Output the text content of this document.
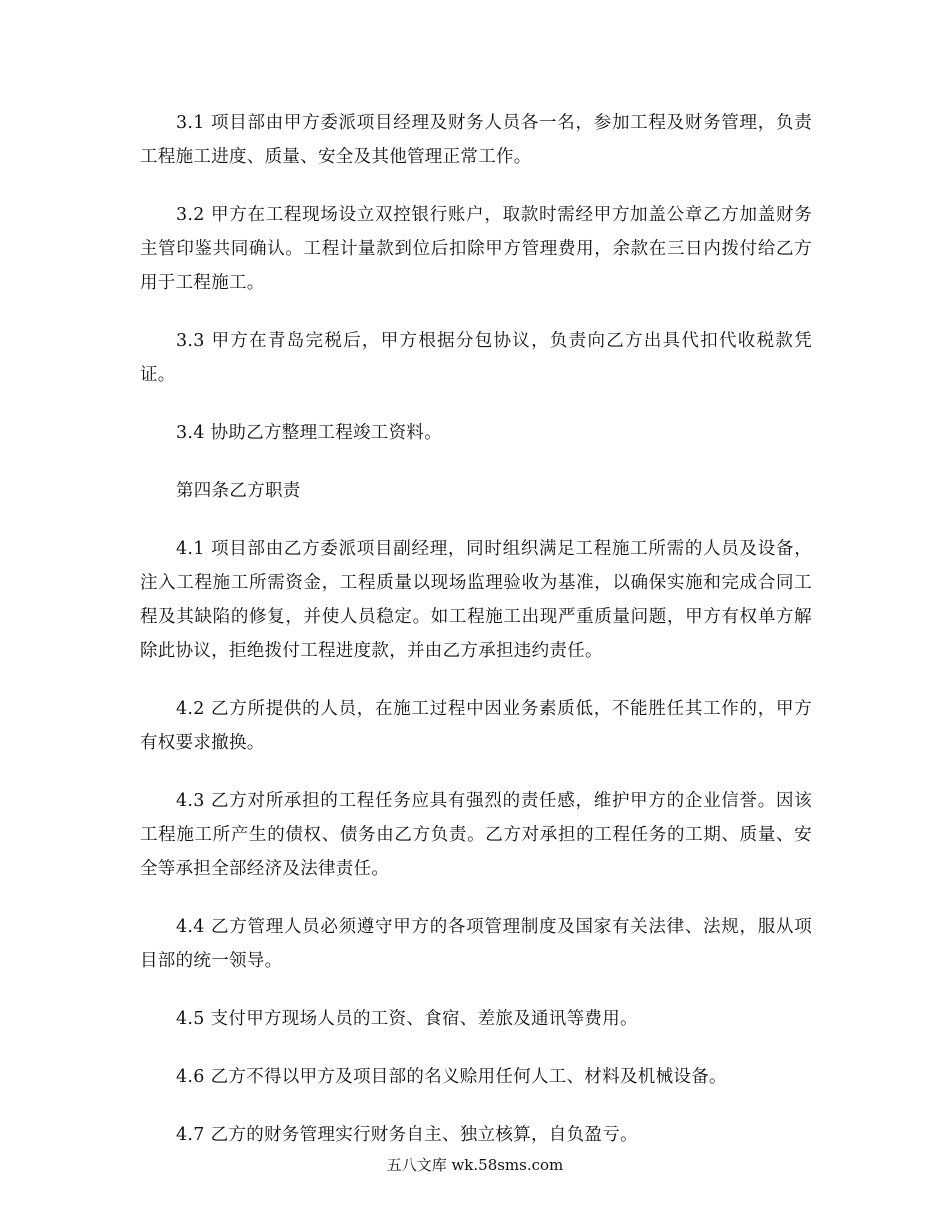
3.1 项目部由甲方委派项目经理及财务人员各一名，参加工程及财务管理，负责工程施工进度、质量、安全及其他管理正常工作。

3.2 甲方在工程现场设立双控银行账户，取款时需经甲方加盖公章乙方加盖财务主管印鉴共同确认。工程计量款到位后扣除甲方管理费用，余款在三日内拨付给乙方用于工程施工。

3.3 甲方在青岛完税后，甲方根据分包协议，负责向乙方出具代扣代收税款凭证。

3.4 协助乙方整理工程竣工资料。

第四条乙方职责

4.1 项目部由乙方委派项目副经理，同时组织满足工程施工所需的人员及设备，注入工程施工所需资金，工程质量以现场监理验收为基准，以确保实施和完成合同工程及其缺陷的修复，并使人员稳定。如工程施工出现严重质量问题，甲方有权单方解除此协议，拒绝拨付工程进度款，并由乙方承担违约责任。

4.2 乙方所提供的人员，在施工过程中因业务素质低，不能胜任其工作的，甲方有权要求撤换。

4.3 乙方对所承担的工程任务应具有强烈的责任感，维护甲方的企业信誉。因该工程施工所产生的债权、债务由乙方负责。乙方对承担的工程任务的工期、质量、安全等承担全部经济及法律责任。

4.4 乙方管理人员必须遵守甲方的各项管理制度及国家有关法律、法规，服从项目部的统一领导。

4.5 支付甲方现场人员的工资、食宿、差旅及通讯等费用。

4.6 乙方不得以甲方及项目部的名义赊用任何人工、材料及机械设备。

4.7 乙方的财务管理实行财务自主、独立核算，自负盈亏。

五八文库 wk.58sms.com
